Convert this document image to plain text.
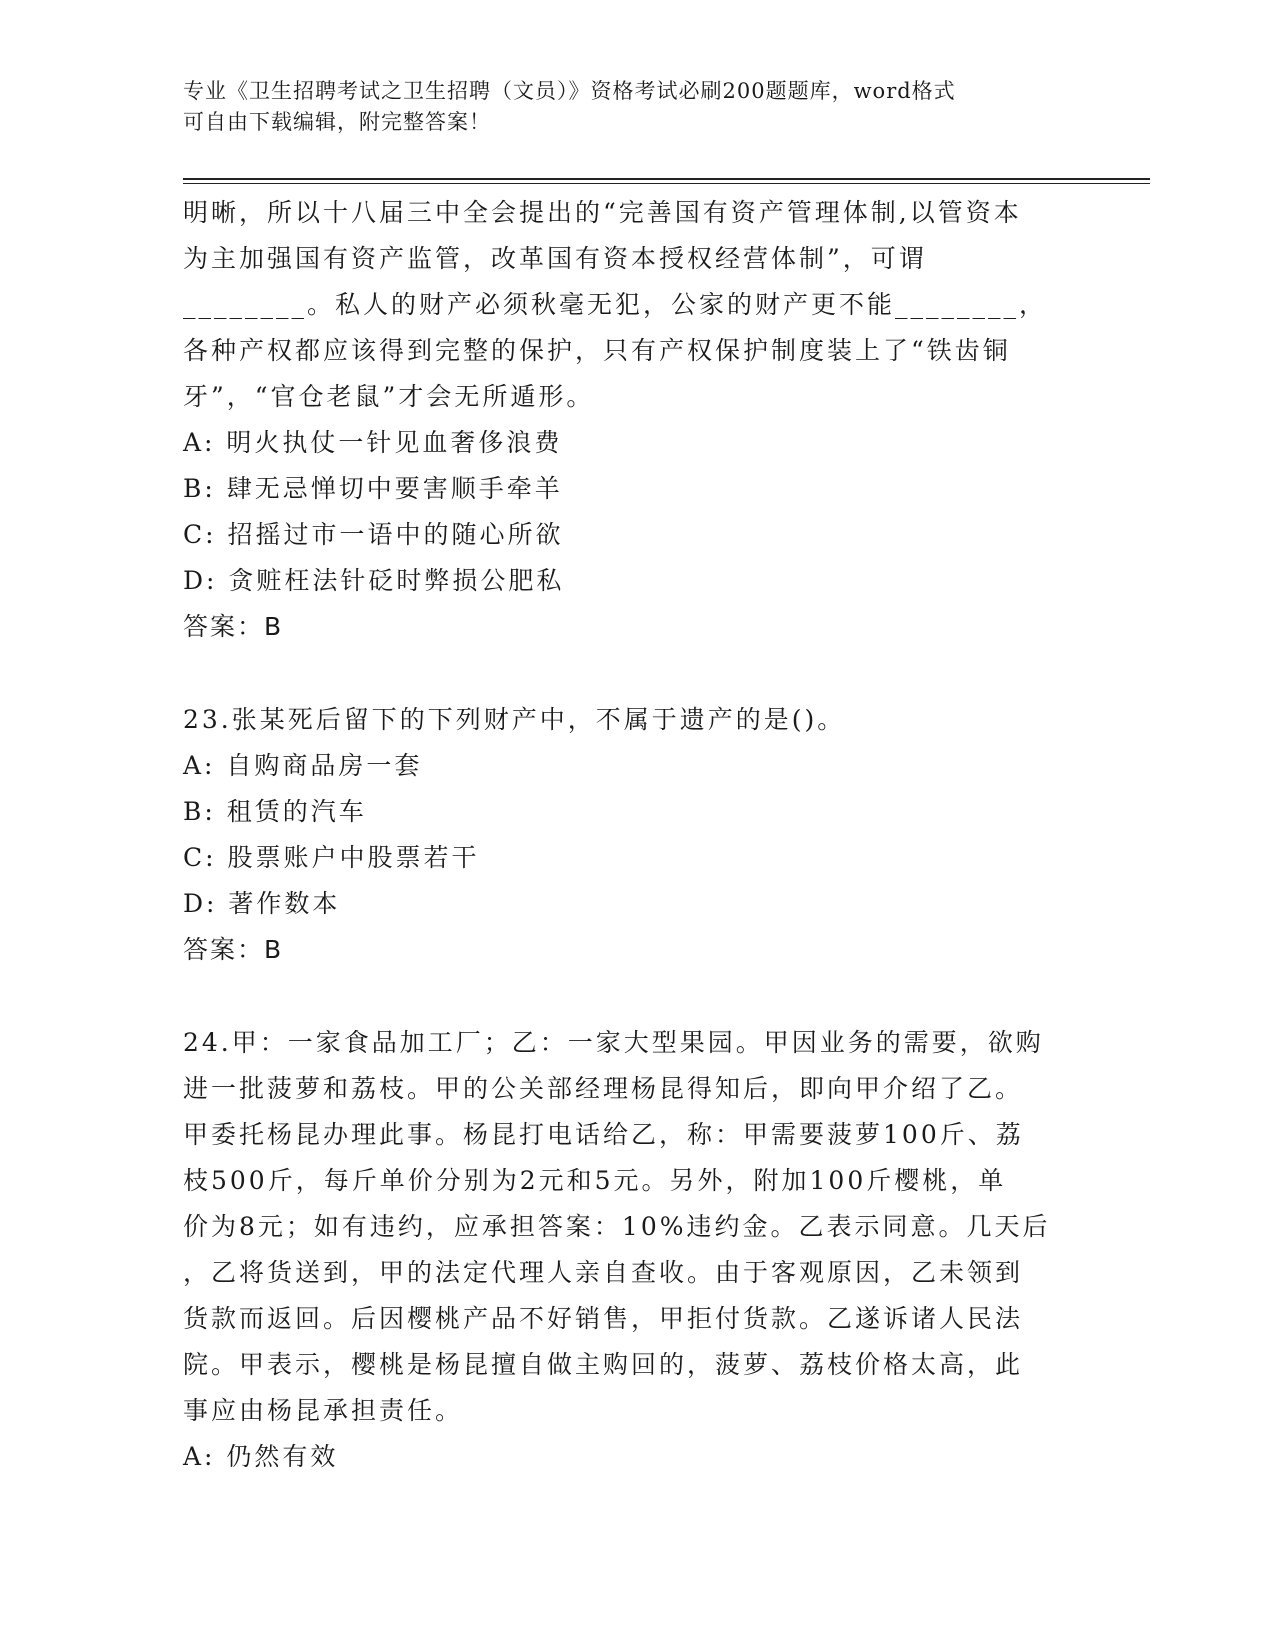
专业《卫生招聘考试之卫生招聘（文员）》资格考试必刷200题题库，word格式
可自由下载编辑，附完整答案！
明晰，所以十八届三中全会提出的“完善国有资产管理体制,以管资本
为主加强国有资产监管，改革国有资本授权经营体制”，可谓
________。私人的财产必须秋毫无犯，公家的财产更不能________，
各种产权都应该得到完整的保护，只有产权保护制度装上了“铁齿铜
牙”，“官仓老鼠”才会无所遁形。
A: 明火执仗一针见血奢侈浪费
B: 肆无忌惮切中要害顺手牵羊
C: 招摇过市一语中的随心所欲
D: 贪赃枉法针砭时弊损公肥私
答案：B
23.张某死后留下的下列财产中，不属于遗产的是()。
A: 自购商品房一套
B: 租赁的汽车
C: 股票账户中股票若干
D: 著作数本
答案：B
24.甲：一家食品加工厂；乙：一家大型果园。甲因业务的需要，欲购
进一批菠萝和荔枝。甲的公关部经理杨昆得知后，即向甲介绍了乙。
甲委托杨昆办理此事。杨昆打电话给乙，称：甲需要菠萝100斤、荔
枝500斤，每斤单价分别为2元和5元。另外，附加100斤樱桃，单
价为8元；如有违约，应承担答案：10%违约金。乙表示同意。几天后
，乙将货送到，甲的法定代理人亲自查收。由于客观原因，乙未领到
货款而返回。后因樱桃产品不好销售，甲拒付货款。乙遂诉诸人民法
院。甲表示，樱桃是杨昆擅自做主购回的，菠萝、荔枝价格太高，此
事应由杨昆承担责任。
A: 仍然有效
